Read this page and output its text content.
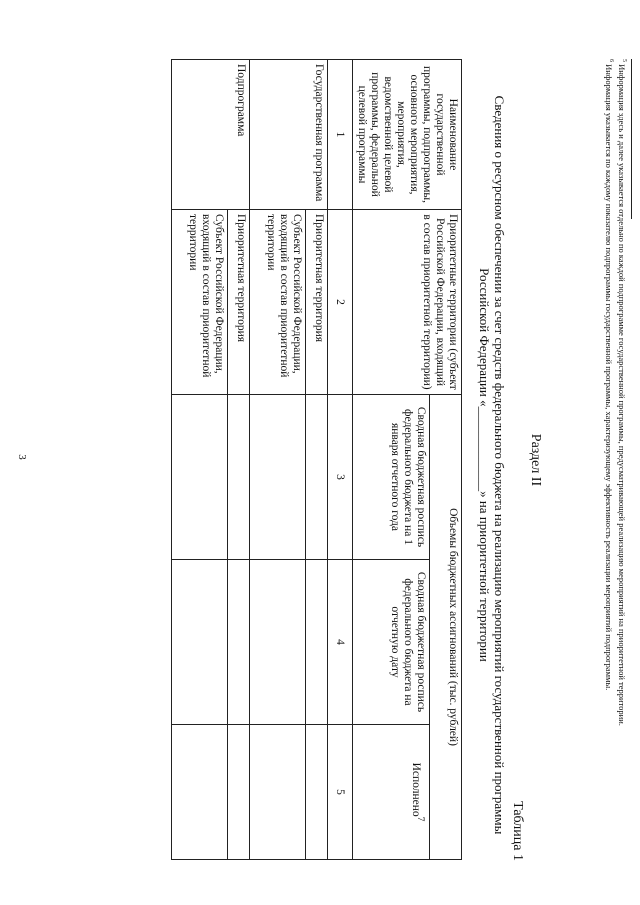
3

$^5$ Информация здесь и далее указывается отдельно по каждой подпрограмме государственной программы, предусматривающей реализацию мероприятий на приоритетной территории.

$^6$ Информация указывается по каждому показателю подпрограммы государственной программы, характеризующему эффективность реализации мероприятий подпрограммы.

Раздел II
Таблица 1
Сведения о ресурсном обеспечении за счет средств федерального бюджета на реализацию мероприятий государственной программы
Российской Федерации «_____________» на приоритетной территории
Наименование государственной программы, подпрограммы, основного мероприятия, мероприятия, ведомственной целевой программы, федеральной целевой программы	Приоритетные территории (субъект Российской Федерации, входящий в состав приоритетной территории)	Объемы бюджетных ассигнований (тыс. рублей)		
		Сводная бюджетная роспись федерального бюджета на 1 января отчетного года	Сводная бюджетная роспись федерального бюджета на отчетную дату	Исполнено$^7$
1	2	3	4	5
Государственная программа	Приоритетная территория			
	Субъект Российской Федерации, входящий в состав приоритетной территории			
Подпрограмма	Приоритетная территория			
	Субъект Российской Федерации, входящий в состав приоритетной территории			
